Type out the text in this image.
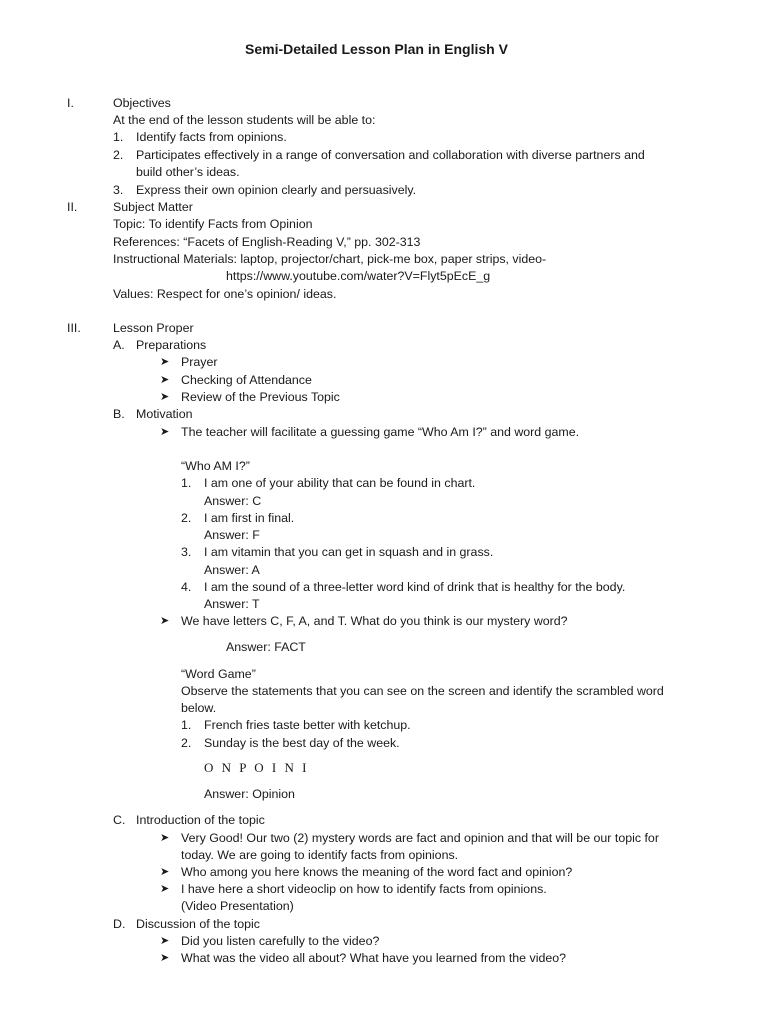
Semi-Detailed Lesson Plan in English V
I.	Objectives
At the end of the lesson students will be able to:
1. Identify facts from opinions.
2. Participates effectively in a range of conversation and collaboration with diverse partners and
build other’s ideas.
3. Express their own opinion clearly and persuasively.
II.	Subject Matter
Topic: To identify Facts from Opinion
References: “Facets of English-Reading V,” pp. 302-313
Instructional Materials: laptop, projector/chart, pick-me box, paper strips, video-
https://www.youtube.com/water?V=Flyt5pEcE_g
Values: Respect for one’s opinion/ ideas.
III.	Lesson Proper
A. Preparations
➤ Prayer
➤ Checking of Attendance
➤ Review of the Previous Topic
B. Motivation
➤ The teacher will facilitate a guessing game “Who Am I?” and word game.
“Who AM I?”
1. I am one of your ability that can be found in chart.
Answer: C
2. I am first in final.
Answer: F
3. I am vitamin that you can get in squash and in grass.
Answer: A
4. I am the sound of a three-letter word kind of drink that is healthy for the body.
Answer: T
➤ We have letters C, F, A, and T. What do you think is our mystery word?
Answer: FACT
“Word Game”
Observe the statements that you can see on the screen and identify the scrambled word
below.
1. French fries taste better with ketchup.
2. Sunday is the best day of the week.
O N P O I N I
Answer: Opinion
C. Introduction of the topic
➤ Very Good! Our two (2) mystery words are fact and opinion and that will be our topic for
today. We are going to identify facts from opinions.
➤ Who among you here knows the meaning of the word fact and opinion?
➤ I have here a short videoclip on how to identify facts from opinions.
(Video Presentation)
D. Discussion of the topic
➤ Did you listen carefully to the video?
➤ What was the video all about? What have you learned from the video?
